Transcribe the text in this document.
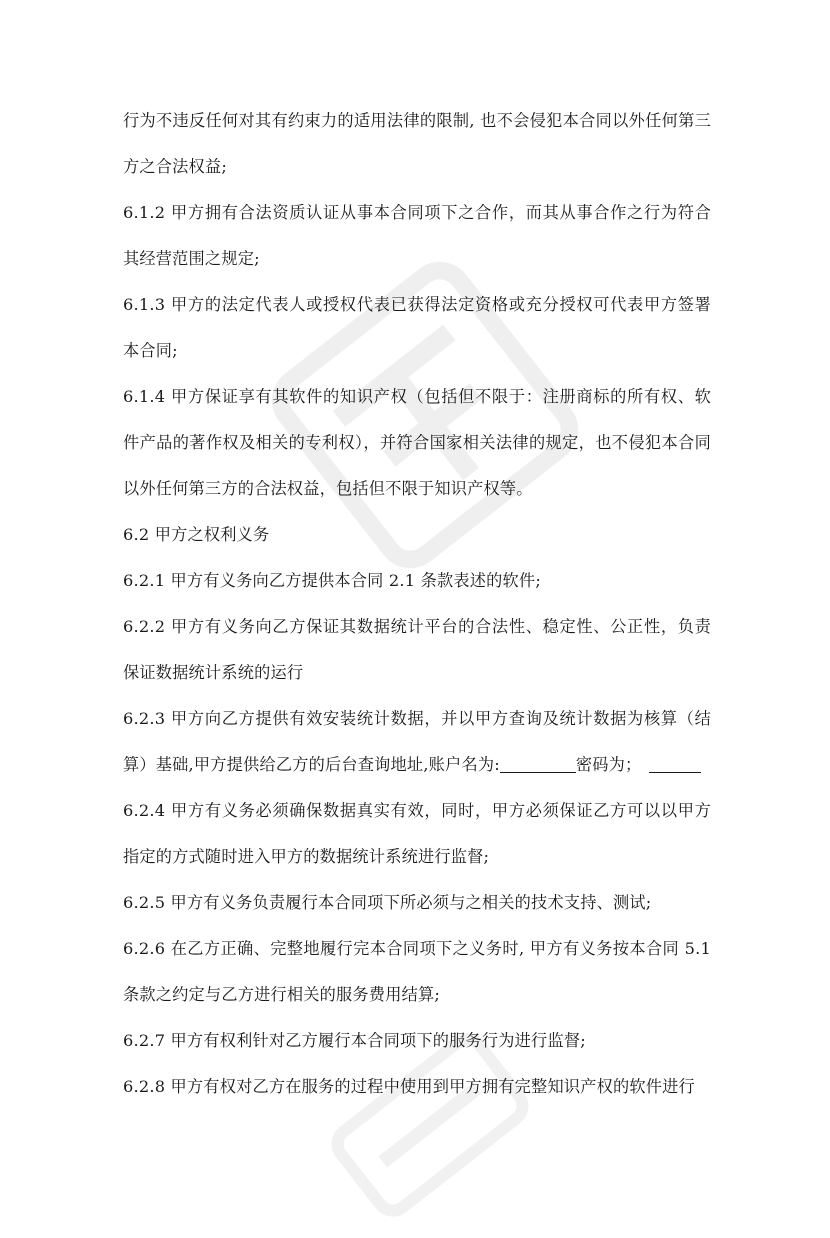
行为不违反任何对其有约束力的适用法律的限制, 也不会侵犯本合同以外任何第三方之合法权益;

6.1.2 甲方拥有合法资质认证从事本合同项下之合作，而其从事合作之行为符合其经营范围之规定;

6.1.3 甲方的法定代表人或授权代表已获得法定资格或充分授权可代表甲方签署本合同;

6.1.4 甲方保证享有其软件的知识产权（包括但不限于：注册商标的所有权、软件产品的著作权及相关的专利权），并符合国家相关法律的规定，也不侵犯本合同以外任何第三方的合法权益，包括但不限于知识产权等。

6.2 甲方之权利义务

6.2.1 甲方有义务向乙方提供本合同 2.1 条款表述的软件;

6.2.2 甲方有义务向乙方保证其数据统计平台的合法性、稳定性、公正性，负责保证数据统计系统的运行

6.2.3 甲方向乙方提供有效安装统计数据，并以甲方查询及统计数据为核算（结算）基础,甲方提供给乙方的后台查询地址,账户名为:	密码为；

6.2.4 甲方有义务必须确保数据真实有效，同时，甲方必须保证乙方可以以甲方指定的方式随时进入甲方的数据统计系统进行监督;

6.2.5 甲方有义务负责履行本合同项下所必须与之相关的技术支持、测试;

6.2.6 在乙方正确、完整地履行完本合同项下之义务时, 甲方有义务按本合同 5.1 条款之约定与乙方进行相关的服务费用结算;

6.2.7 甲方有权利针对乙方履行本合同项下的服务行为进行监督;

6.2.8 甲方有权对乙方在服务的过程中使用到甲方拥有完整知识产权的软件进行
